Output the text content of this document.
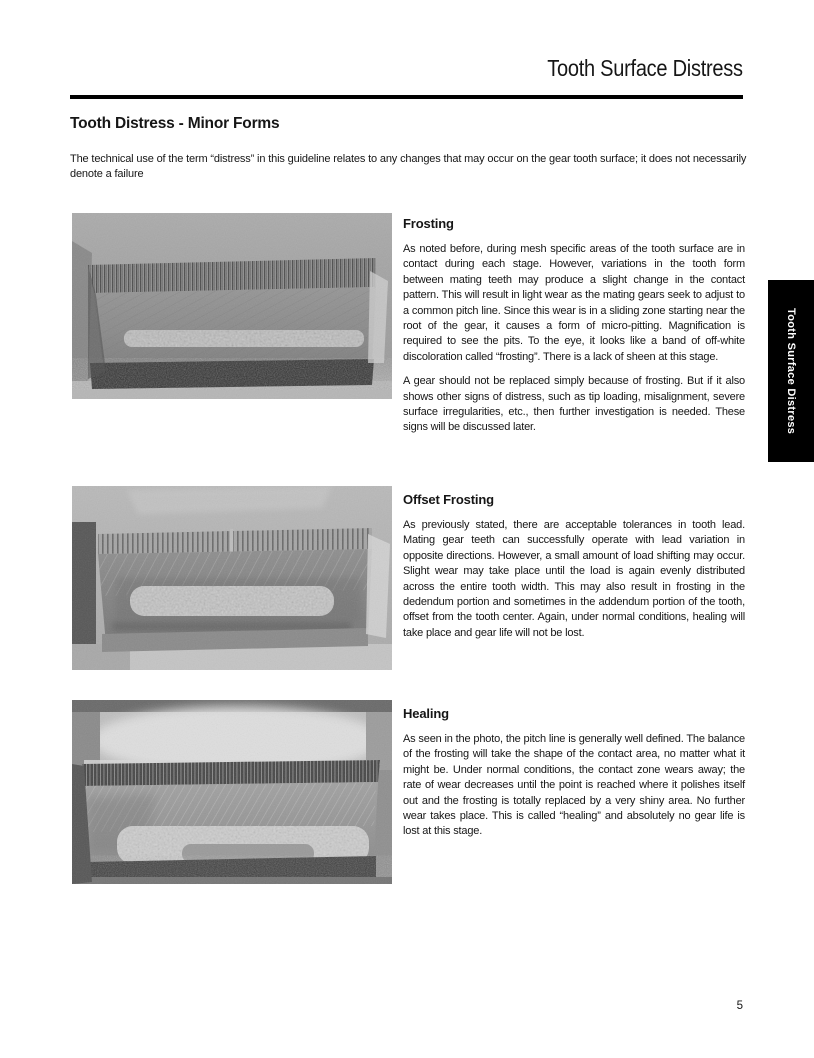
Tooth Surface Distress
Tooth Distress - Minor Forms
The technical use of the term “distress” in this guideline relates to any changes that may occur on the gear tooth surface; it does not necessarily denote a failure
Frosting

As noted before, during mesh specific areas of the tooth surface are in contact during each stage. However, variations in the tooth form between mating teeth may produce a slight change in the contact pattern. This will result in light wear as the mating gears seek to adjust to a common pitch line. Since this wear is in a sliding zone starting near the root of the gear, it causes a form of micro-pitting. Magnification is required to see the pits. To the eye, it looks like a band of off-white discoloration called “frosting”. There is a lack of sheen at this stage.

A gear should not be replaced simply because of frosting. But if it also shows other signs of distress, such as tip loading, misalignment, severe surface irregularities, etc., then further investigation is needed. These signs will be discussed later.

Offset Frosting

As previously stated, there are acceptable tolerances in tooth lead. Mating gear teeth can successfully operate with lead variation in opposite directions. However, a small amount of load shifting may occur. Slight wear may take place until the load is again evenly distributed across the entire tooth width. This may also result in frosting in the dedendum portion and sometimes in the addendum portion of the tooth, offset from the tooth center. Again, under normal conditions, healing will take place and gear life will not be lost.

Healing

As seen in the photo, the pitch line is generally well defined. The balance of the frosting will take the shape of the contact area, no matter what it might be. Under normal conditions, the contact zone wears away; the rate of wear decreases until the point is reached where it polishes itself out and the frosting is totally replaced by a very shiny area. No further wear takes place. This is called “healing” and absolutely no gear life is lost at this stage.

Tooth Surface Distress
5
